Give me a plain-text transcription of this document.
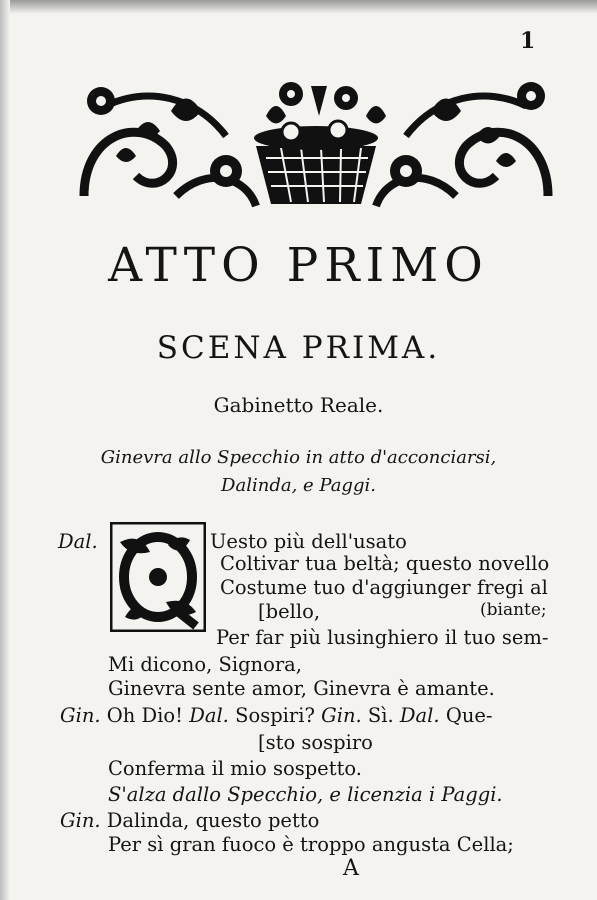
1
ATTO PRIMO
SCENA PRIMA.
Gabinetto Reale.
Ginevra allo Specchio in atto d'acconciarsi,
Dalinda, e Paggi.
Q
Dal.	Uesto più dell'usato
Coltivar tua beltà; questo novello
Costume tuo d'aggiunger fregi al
[bello,	(biante;
Per far più lusinghiero il tuo sem-
Mi dicono, Signora,
Ginevra sente amor, Ginevra è amante.
Gin. Oh Dio! Dal. Sospiri? Gin. Sì. Dal. Que-
[sto sospiro
Conferma il mio sospetto.
S'alza dallo Specchio, e licenzia i Paggi.
Gin. Dalinda, questo petto
Per sì gran fuoco è troppo angusta Cella;
A
